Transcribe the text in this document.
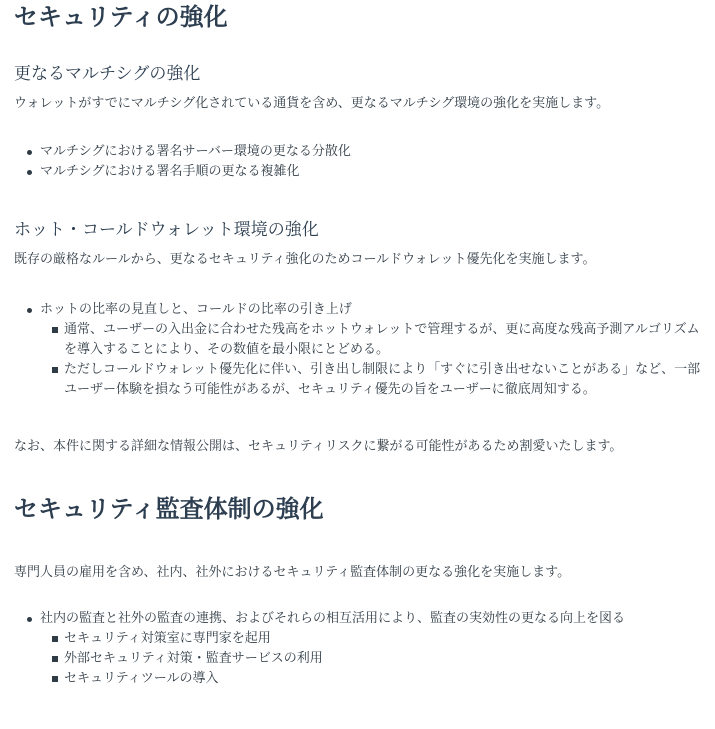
セキュリティの強化
更なるマルチシグの強化

ウォレットがすでにマルチシグ化されている通貨を含め、更なるマルチシグ環境の強化を実施します。

マルチシグにおける署名サーバー環境の更なる分散化
マルチシグにおける署名手順の更なる複雑化
ホット・コールドウォレット環境の強化

既存の厳格なルールから、更なるセキュリティ強化のためコールドウォレット優先化を実施します。

ホットの比率の見直しと、コールドの比率の引き上げ
通常、ユーザーの入出金に合わせた残高をホットウォレットで管理するが、更に高度な残高予測アルゴリズムを導入することにより、その数値を最小限にとどめる。
ただしコールドウォレット優先化に伴い、引き出し制限により「すぐに引き出せないことがある」など、一部ユーザー体験を損なう可能性があるが、セキュリティ優先の旨をユーザーに徹底周知する。

なお、本件に関する詳細な情報公開は、セキュリティリスクに繋がる可能性があるため割愛いたします。

セキュリティ監査体制の強化

専門人員の雇用を含め、社内、社外におけるセキュリティ監査体制の更なる強化を実施します。

社内の監査と社外の監査の連携、およびそれらの相互活用により、監査の実効性の更なる向上を図る
セキュリティ対策室に専門家を起用
外部セキュリティ対策・監査サービスの利用
セキュリティツールの導入
